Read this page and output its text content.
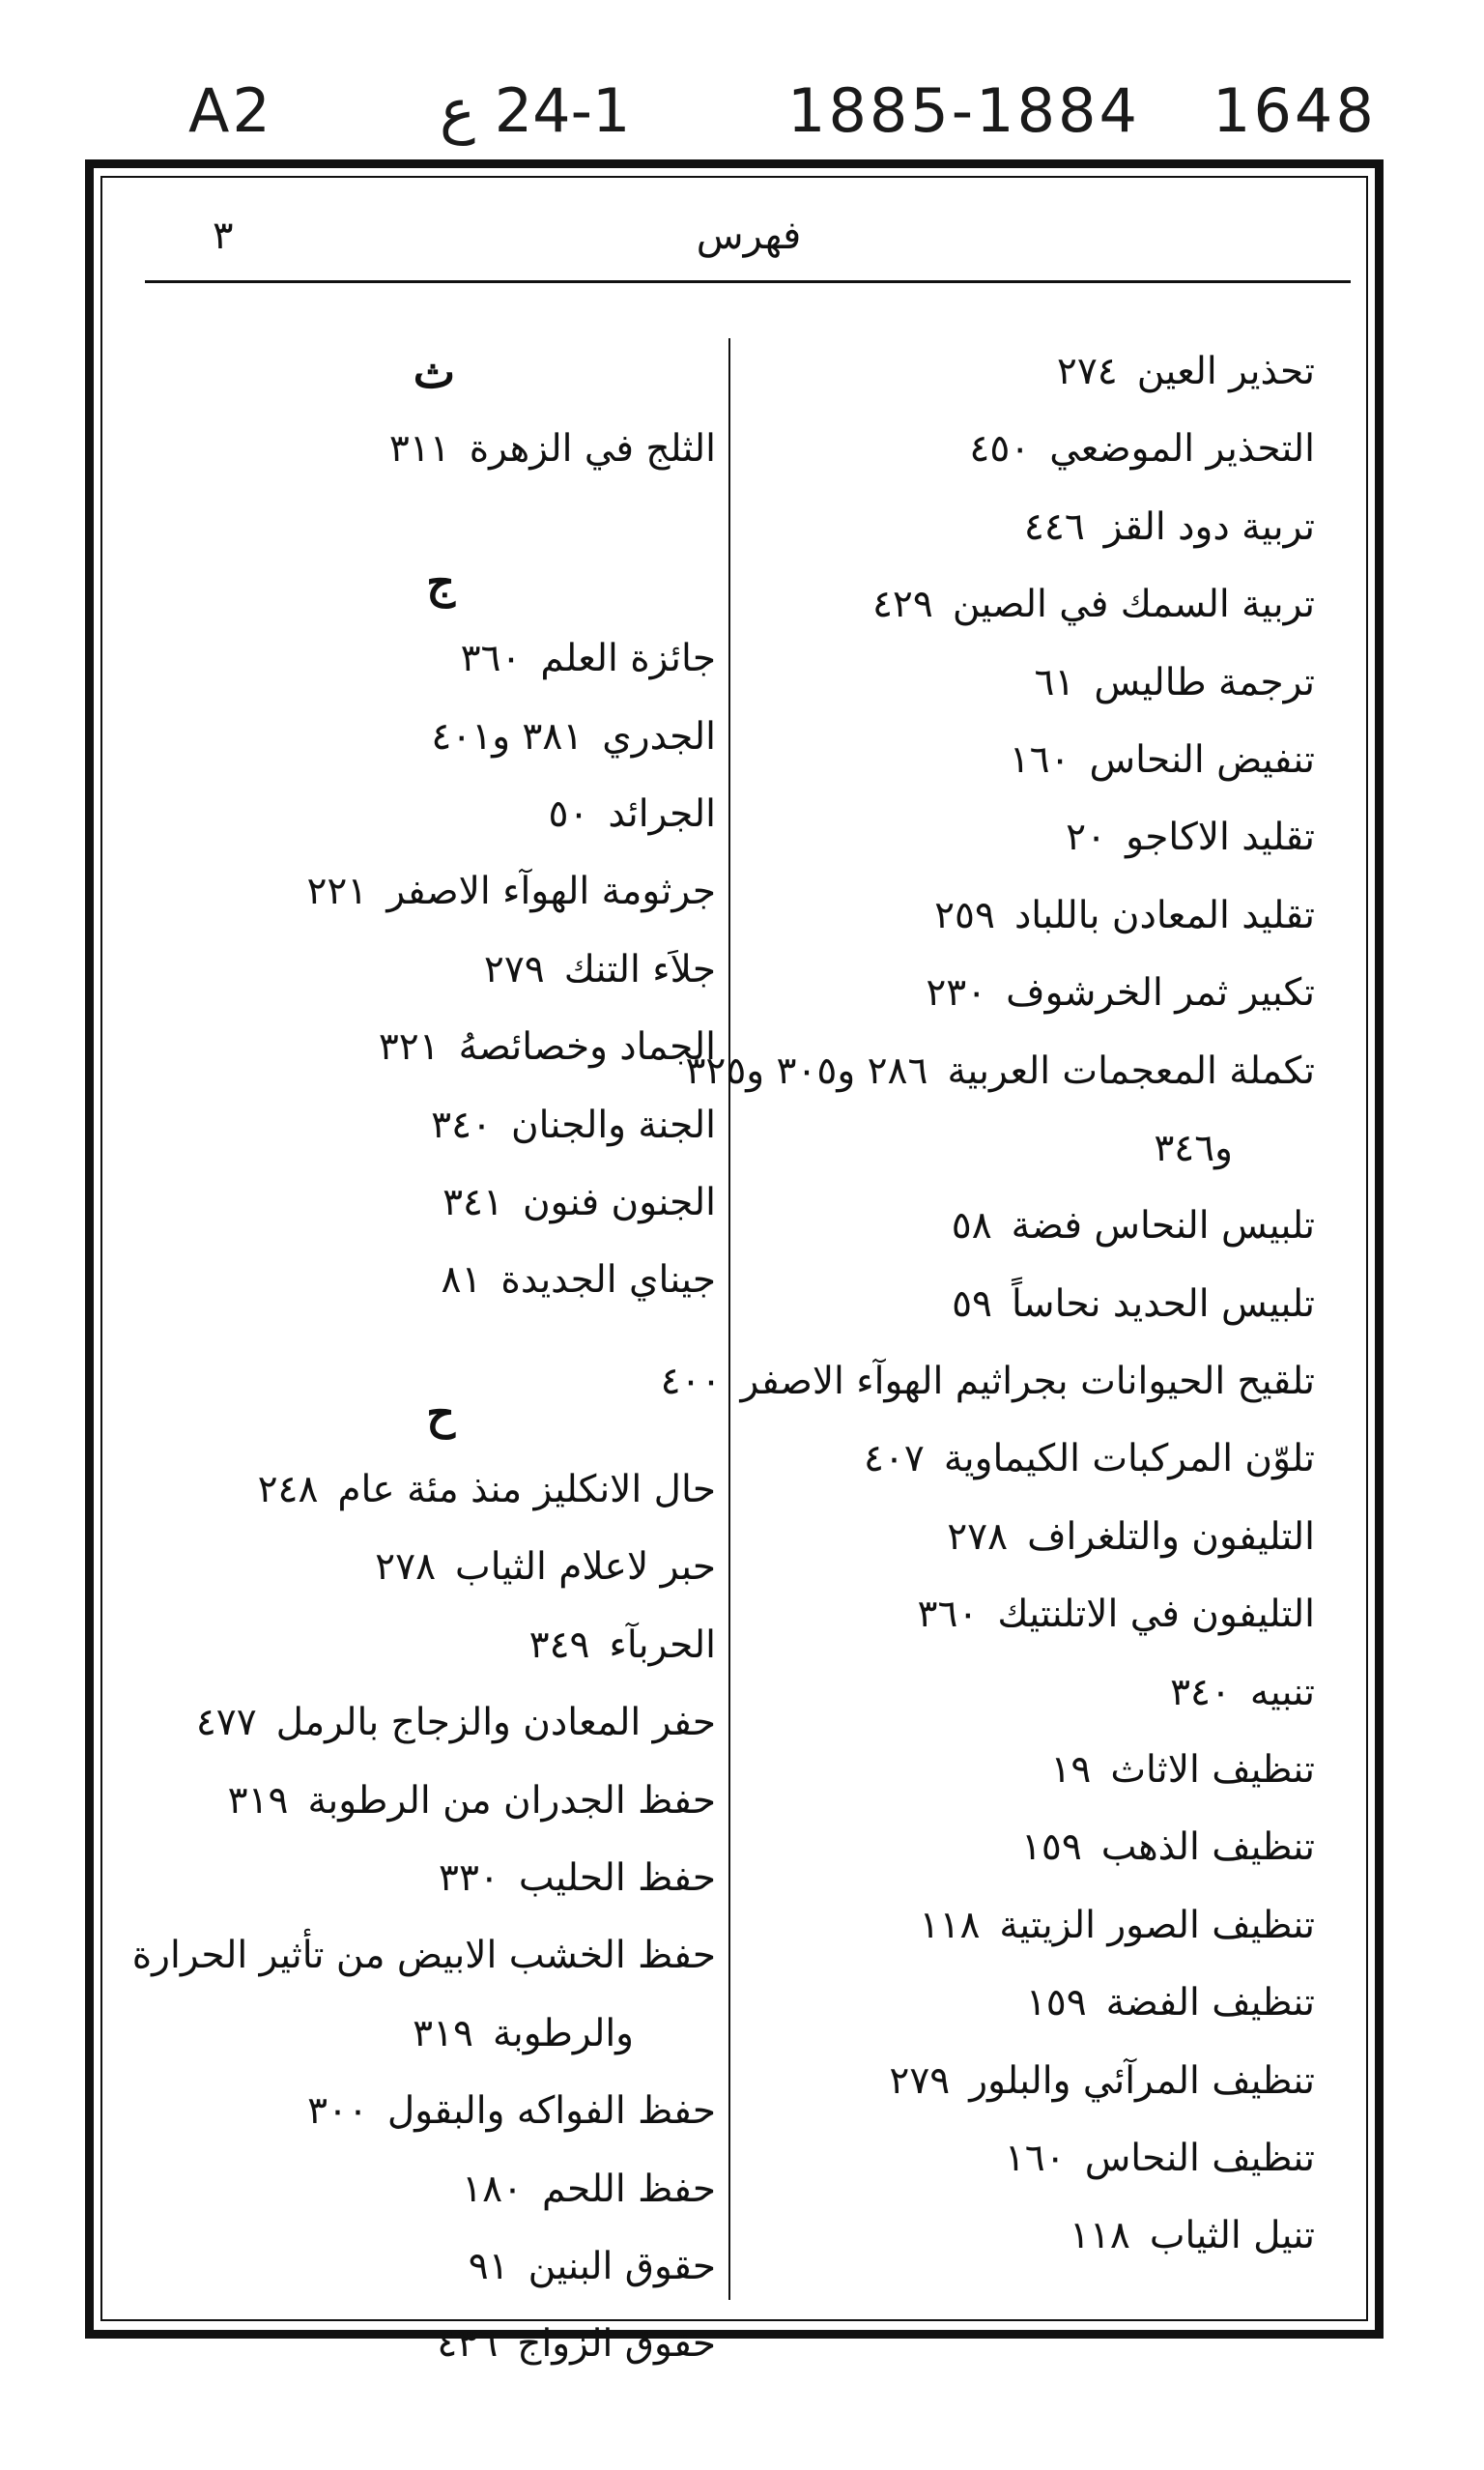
A2	24-1 ع	1885-1884 1648
فهرس
٣
تحذير العين٢٧٤
التحذير الموضعي٤٥٠
تربية دود القز٤٤٦
تربية السمك في الصين٤٢٩
ترجمة طاليس٦١
تنفيض النحاس١٦٠
تقليد الاكاجو٢٠
تقليد المعادن باللباد٢٥٩
تكبير ثمر الخرشوف٢٣٠
تكملة المعجمات العربية٢٨٦ و٣٠٥ و٣٢٥
و٣٤٦
تلبيس النحاس فضة٥٨
تلبيس الحديد نحاساً٥٩
تلقيح الحيوانات بجراثيم الهوآء الاصفر٤٠٠
تلوّن المركبات الكيماوية٤٠٧
التليفون والتلغراف٢٧٨
التليفون في الاتلنتيك٣٦٠
تنبيه٣٤٠
تنظيف الاثاث١٩
تنظيف الذهب١٥٩
تنظيف الصور الزيتية١١٨
تنظيف الفضة١٥٩
تنظيف المرآئي والبلور٢٧٩
تنظيف النحاس١٦٠
تنيل الثياب١١٨
ث
الثلج في الزهرة٣١١
ج
جائزة العلم٣٦٠
الجدري٣٨١ و٤٠١
الجرائد٥٠
جرثومة الهوآء الاصفر٢٢١
جلاَء التنك٢٧٩
الجماد وخصائصهُ٣٢١
الجنة والجنان٣٤٠
الجنون فنون٣٤١
جيناي الجديدة٨١
ح
حال الانكليز منذ مئة عام٢٤٨
حبر لاعلام الثياب٢٧٨
الحربآء٣٤٩
حفر المعادن والزجاج بالرمل٤٧٧
حفظ الجدران من الرطوبة٣١٩
حفظ الحليب٣٣٠
حفظ الخشب الابيض من تأثير الحرارة
والرطوبة٣١٩
حفظ الفواكه والبقول٣٠٠
حفظ اللحم١٨٠
حقوق البنين٩١
حقوق الزواج٤٣٦
